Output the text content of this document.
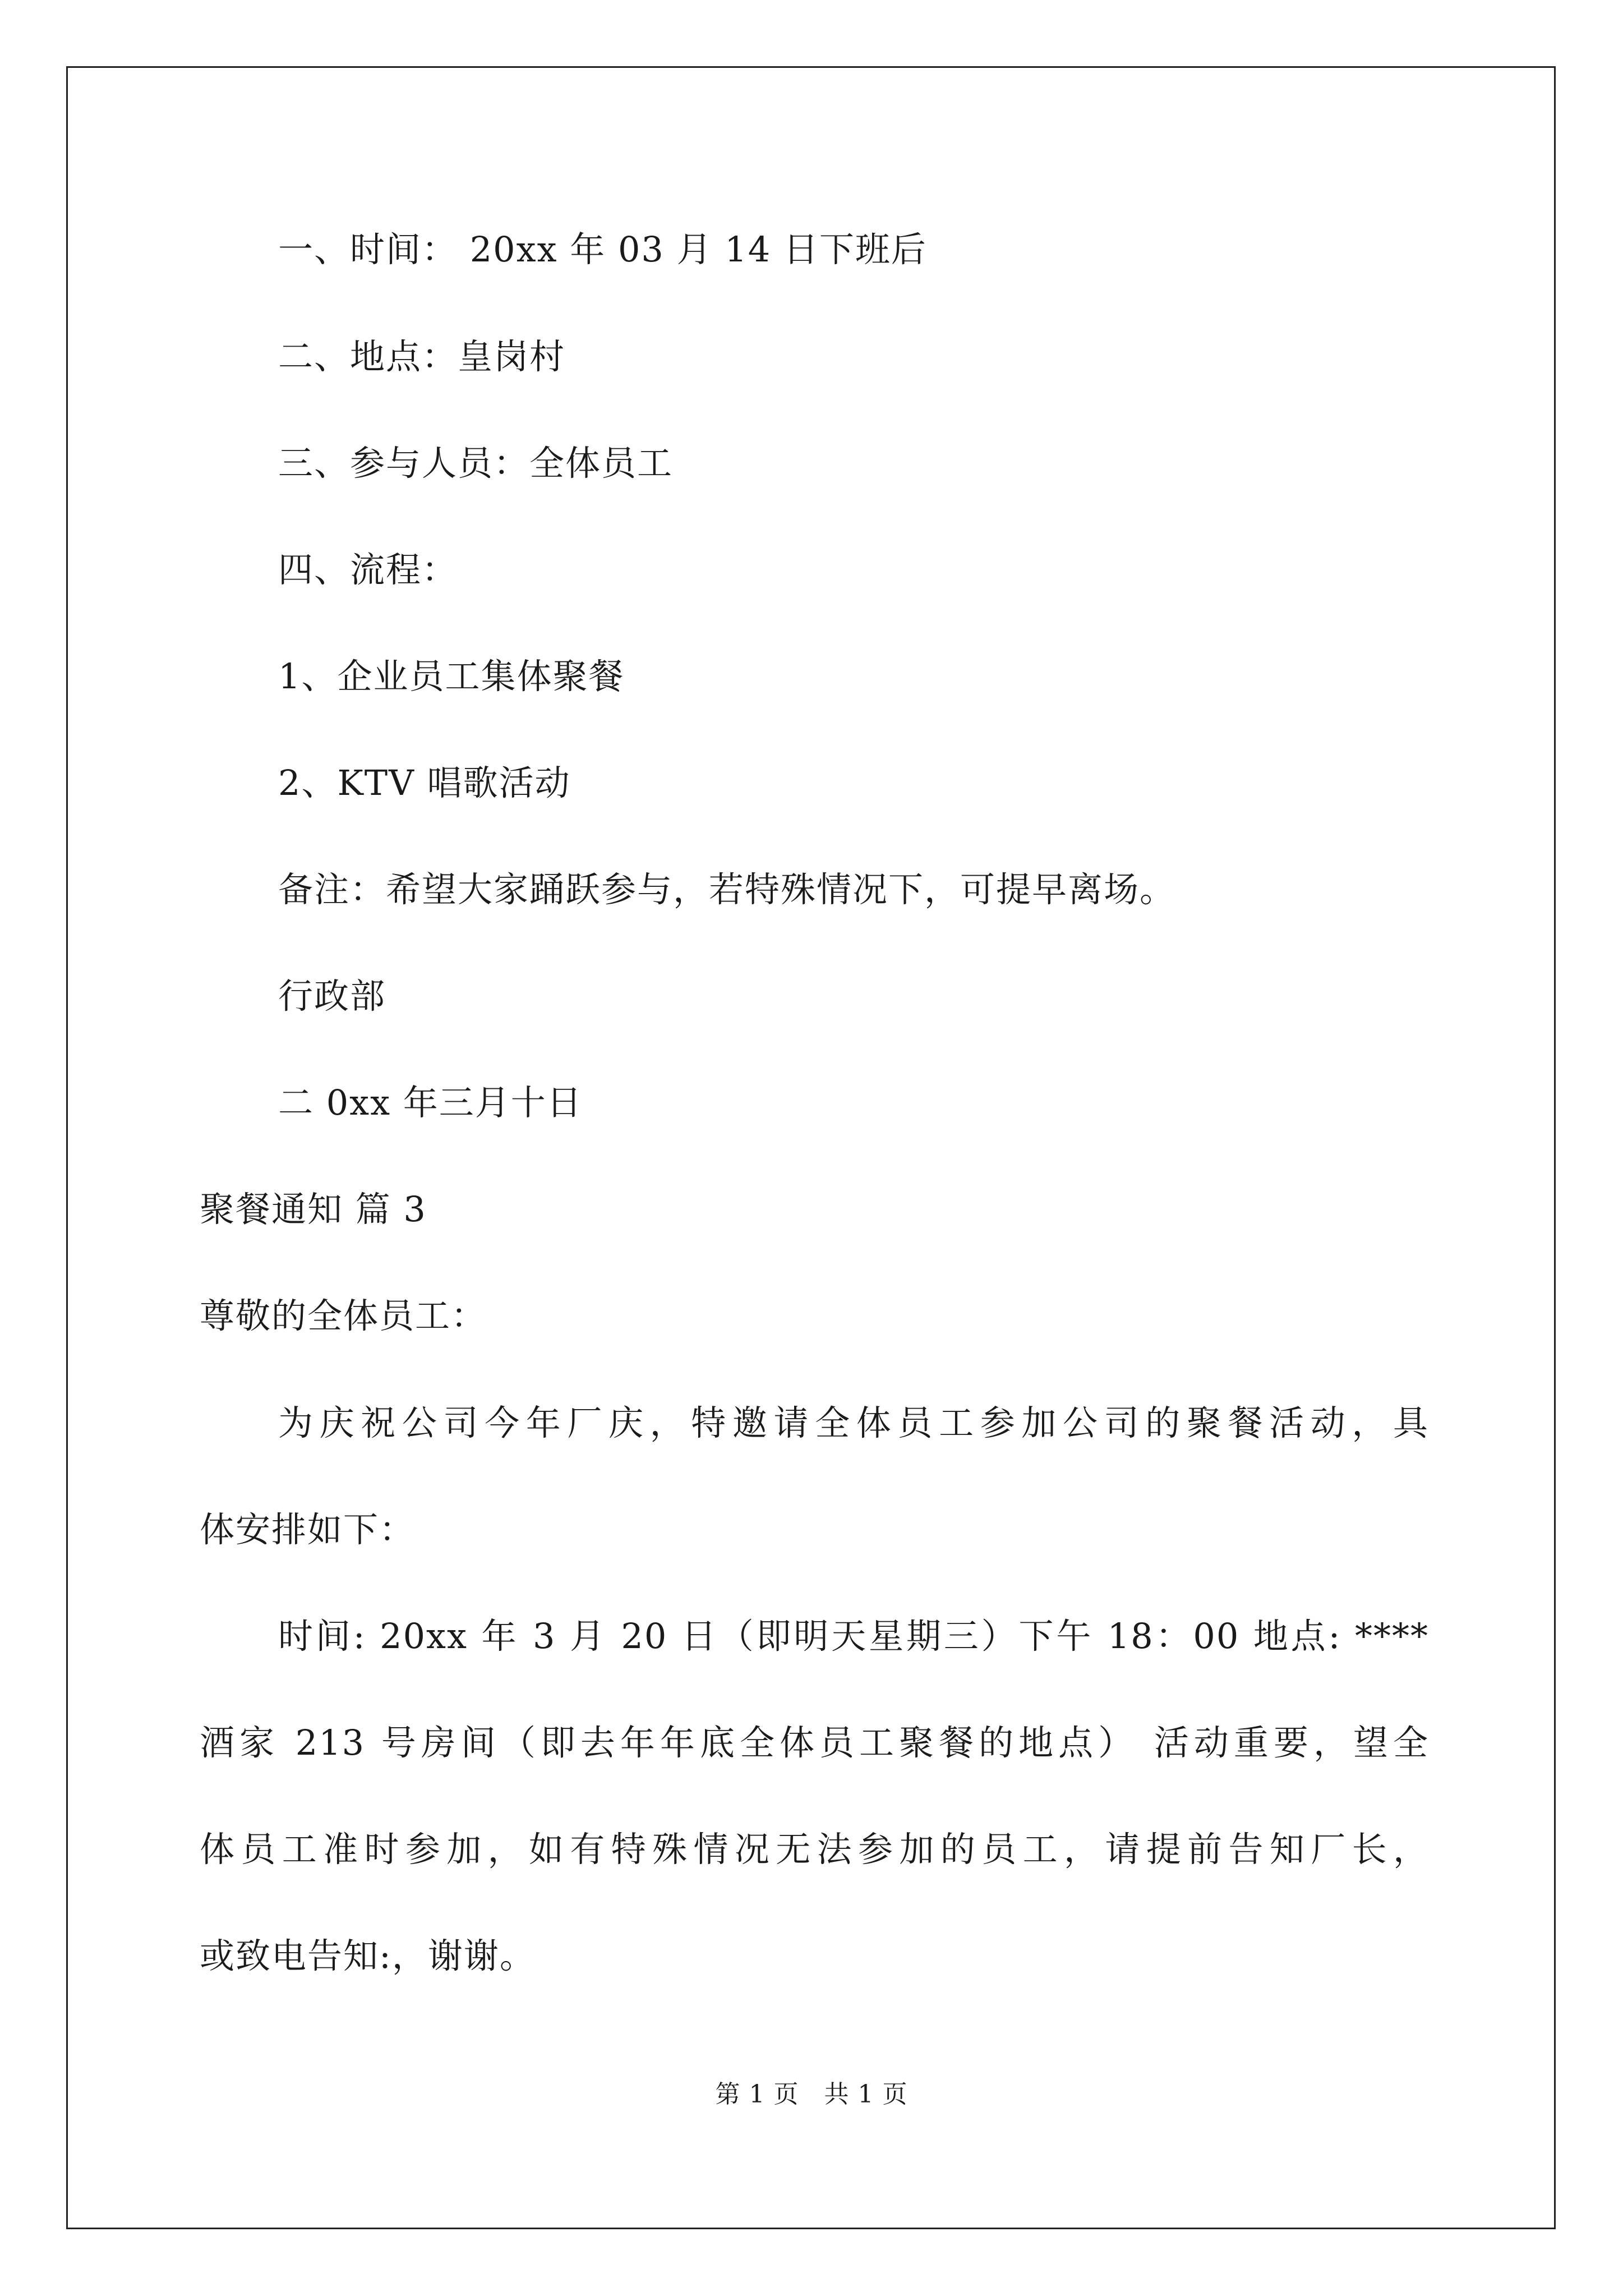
一、时间： 20xx 年 03 月 14 日下班后
二、地点：皇岗村
三、参与人员：全体员工
四、流程：
1、企业员工集体聚餐
2、KTV 唱歌活动
备注：希望大家踊跃参与，若特殊情况下，可提早离场。
行政部
二 0xx 年三月十日
聚餐通知 篇 3
尊敬的全体员工：
为庆祝公司今年厂庆，特邀请全体员工参加公司的聚餐活动，具
体安排如下：
时间: 20xx 年 3 月 20 日（即明天星期三）下午 18：00 地点: ****
酒家 213 号房间（即去年年底全体员工聚餐的地点） 活动重要，望全
体员工准时参加，如有特殊情况无法参加的员工，请提前告知厂长，
或致电告知:，谢谢。
第 1 页　共 1 页
